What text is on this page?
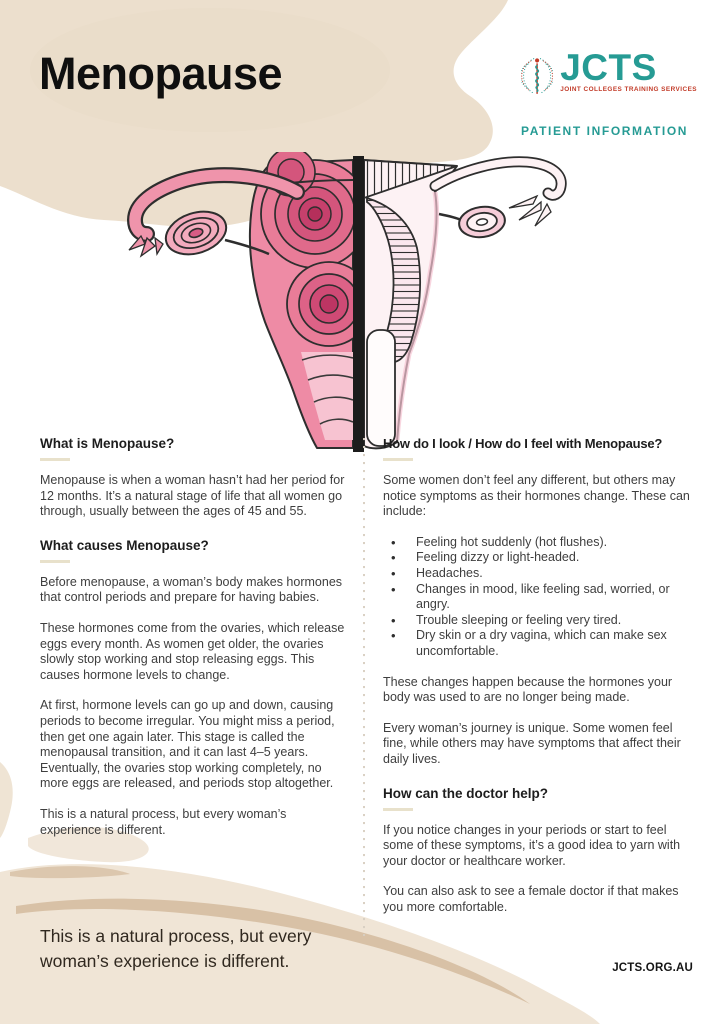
Menopause	JCTS
JOINT COLLEGES TRAINING SERVICES
PATIENT INFORMATION
What is Menopause?

Menopause is when a woman hasn’t had her period for 12 months. It’s a natural stage of life that all women go through, usually between the ages of 45 and 55.

What causes Menopause?

Before menopause, a woman’s body makes hormones that control periods and prepare for having babies.

These hormones come from the ovaries, which release eggs every month. As women get older, the ovaries slowly stop working and stop releasing eggs. This causes hormone levels to change.

At first, hormone levels can go up and down, causing periods to become irregular. You might miss a period, then get one again later. This stage is called the menopausal transition, and it can last 4–5 years. Eventually, the ovaries stop working completely, no more eggs are released, and periods stop altogether.

This is a natural process, but every woman’s experience is different.

How do I look / How do I feel with Menopause?

Some women don’t feel any different, but others may notice symptoms as their hormones change. These can include:

• Feeling hot suddenly (hot flushes).
• Feeling dizzy or light-headed.
• Headaches.
• Changes in mood, like feeling sad, worried, or angry.
• Trouble sleeping or feeling very tired.
• Dry skin or a dry vagina, which can make sex uncomfortable.

These changes happen because the hormones your body was used to are no longer being made.

Every woman’s journey is unique. Some women feel fine, while others may have symptoms that affect their daily lives.

How can the doctor help?

If you notice changes in your periods or start to feel some of these symptoms, it’s a good idea to yarn with your doctor or healthcare worker.

You can also ask to see a female doctor if that makes you more comfortable.

This is a natural process, but every woman’s experience is different.	JCTS.ORG.AU
